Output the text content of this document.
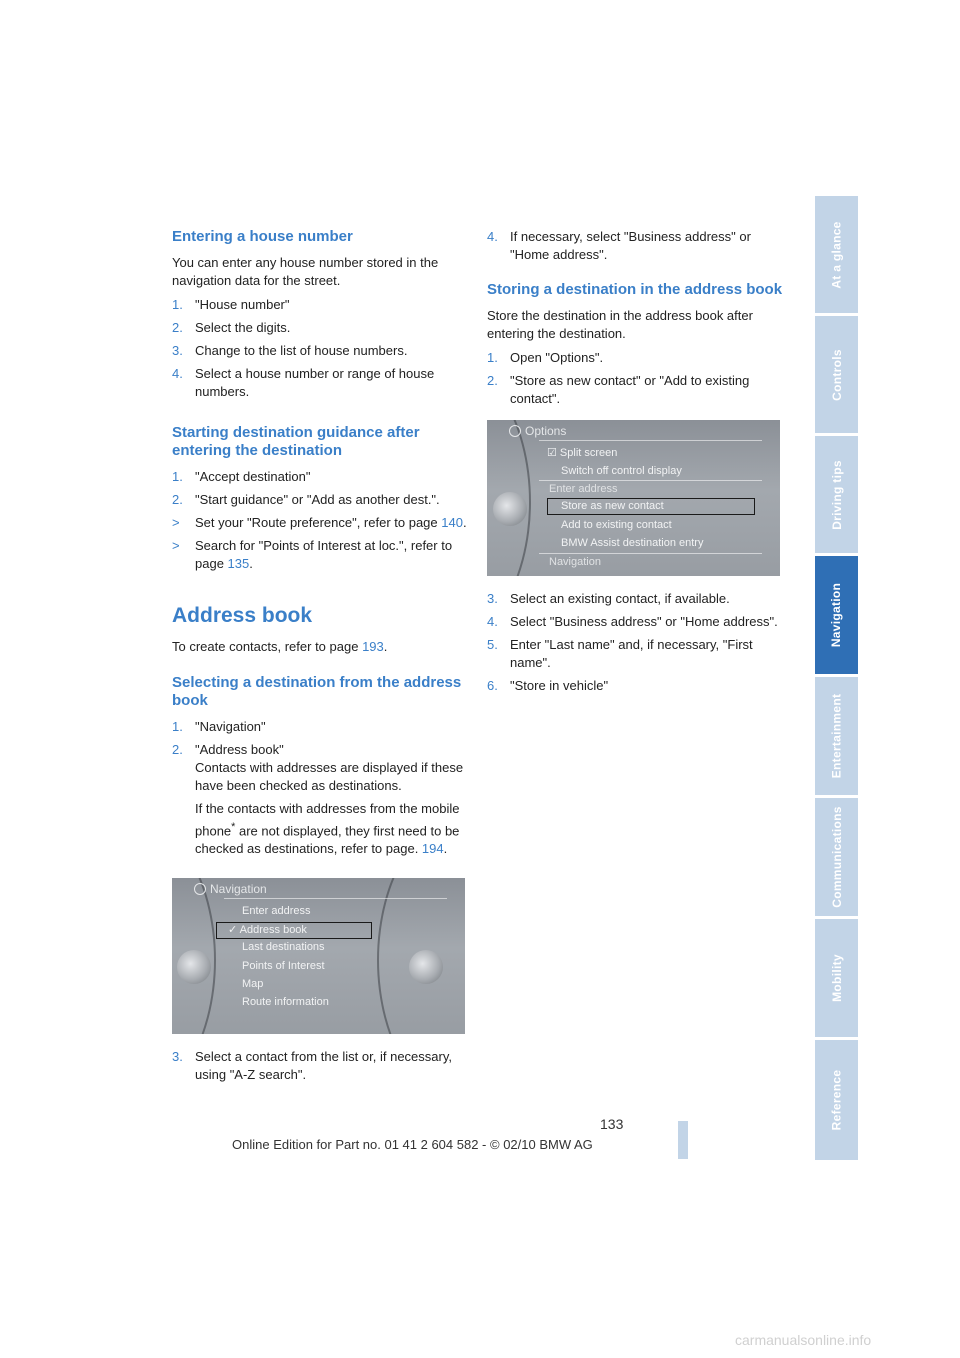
Entering a house number

You can enter any house number stored in the navigation data for the street.

1. "House number"
2. Select the digits.
3. Change to the list of house numbers.
4. Select a house number or range of house numbers.
Starting destination guidance after entering the destination
1. "Accept destination"
2. "Start guidance" or "Add as another dest.".
>	Set your "Route preference", refer to page 140.
>	Search for "Points of Interest at loc.", refer to page 135.
Address book

To create contacts, refer to page 193.

Selecting a destination from the address book
1. "Navigation"
2. "Address book"
Contacts with addresses are displayed if these have been checked as destinations.
If the contacts with addresses from the mobile phone* are not displayed, they first need to be checked as destinations, refer to page. 194.
Navigation
Enter address
✓ Address book
Last destinations
Points of Interest
Map
Route information
3. Select a contact from the list or, if necessary, using "A-Z search".
4. If necessary, select "Business address" or "Home address".
Storing a destination in the address book

Store the destination in the address book after entering the destination.

1. Open "Options".
2. "Store as new contact" or "Add to existing contact".
Options
☑ Split screen
Switch off control display
Enter address
Store as new contact
Add to existing contact
BMW Assist destination entry
Navigation
3. Select an existing contact, if available.
4. Select "Business address" or "Home address".
5. Enter "Last name" and, if necessary, "First name".
6. "Store in vehicle"
At a glance
Controls
Driving tips
Navigation
Entertainment
Communications
Mobility
Reference
133
Online Edition for Part no. 01 41 2 604 582 - © 02/10 BMW AG
carmanualsonline.info
